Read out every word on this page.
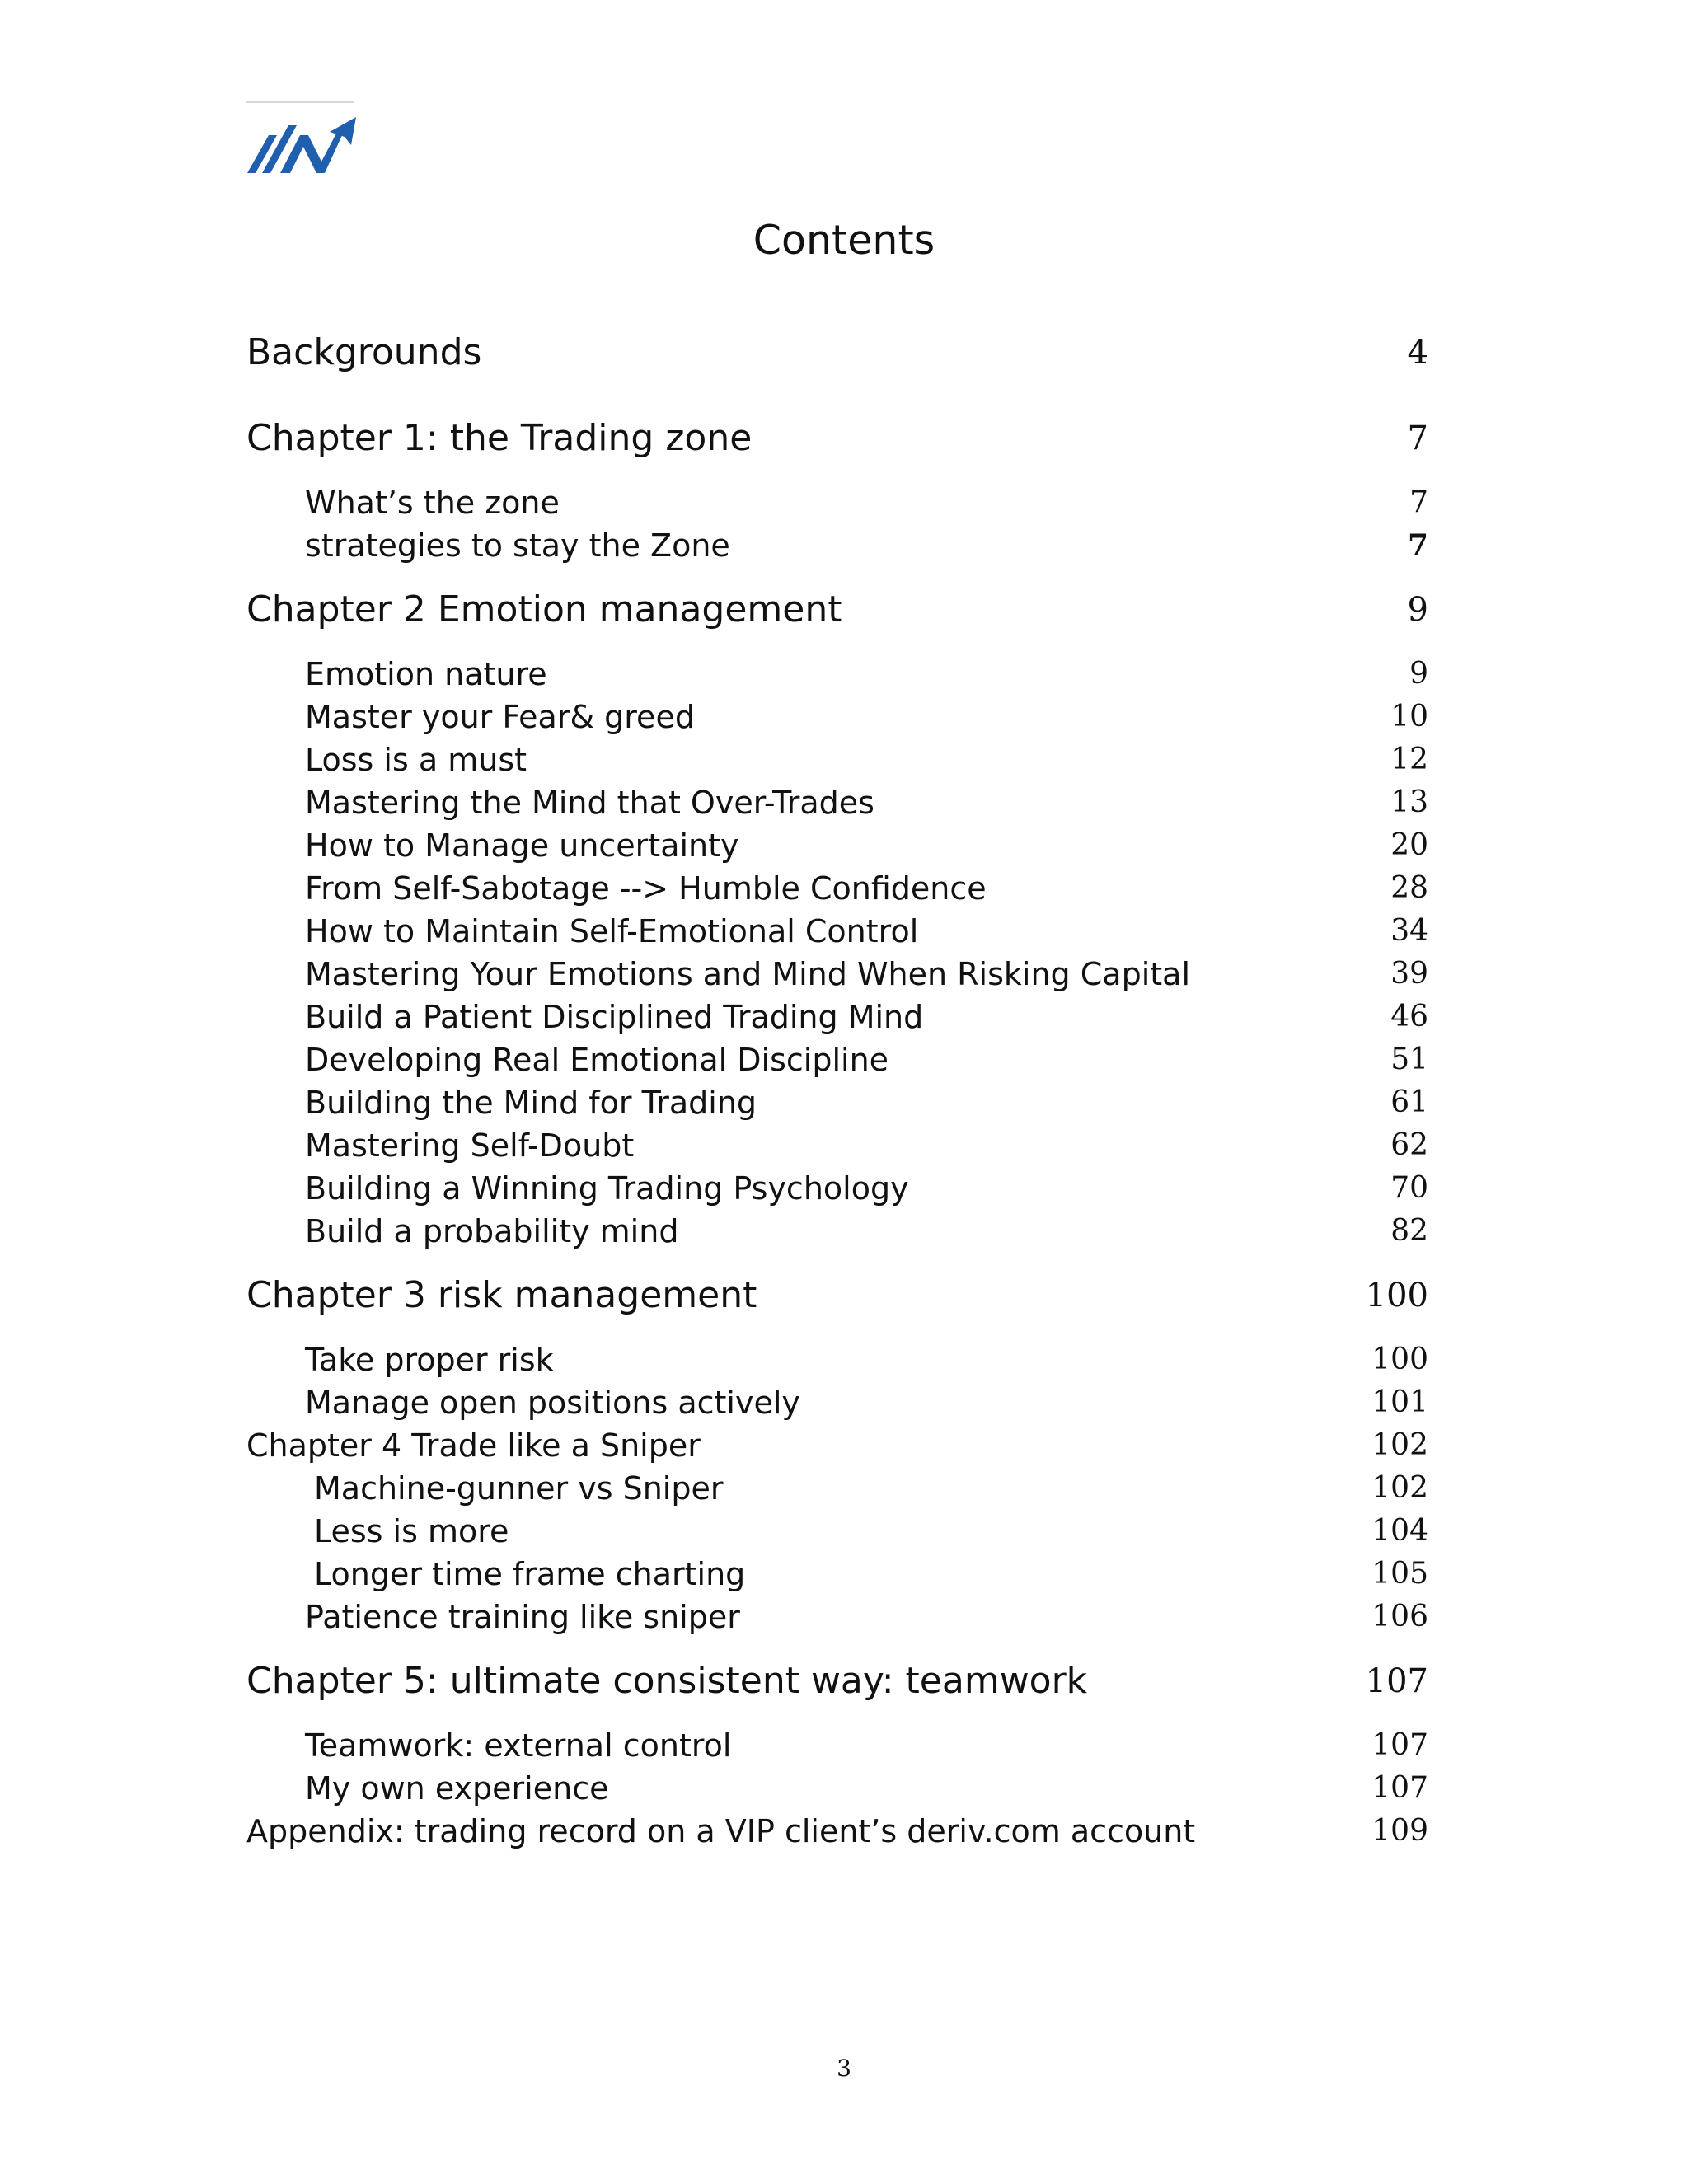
Contents
Backgrounds	4
Chapter 1: the Trading zone	7
What’s the zone	7
strategies to stay the Zone	7
Chapter 2 Emotion management	9
Emotion nature	9
Master your Fear& greed	10
Loss is a must	12
Mastering the Mind that Over-Trades	13
How to Manage uncertainty	20
From Self-Sabotage --> Humble Confidence	28
How to Maintain Self-Emotional Control	34
Mastering Your Emotions and Mind When Risking Capital	39
Build a Patient Disciplined Trading Mind	46
Developing Real Emotional Discipline	51
Building the Mind for Trading	61
Mastering Self-Doubt	62
Building a Winning Trading Psychology	70
Build a probability mind	82
Chapter 3 risk management	100
Take proper risk	100
Manage open positions actively	101
Chapter 4 Trade like a Sniper	102
Machine-gunner vs Sniper	102
Less is more	104
Longer time frame charting	105
Patience training like sniper	106
Chapter 5: ultimate consistent way: teamwork	107
Teamwork: external control	107
My own experience	107
Appendix: trading record on a VIP client’s deriv.com account	109
3
